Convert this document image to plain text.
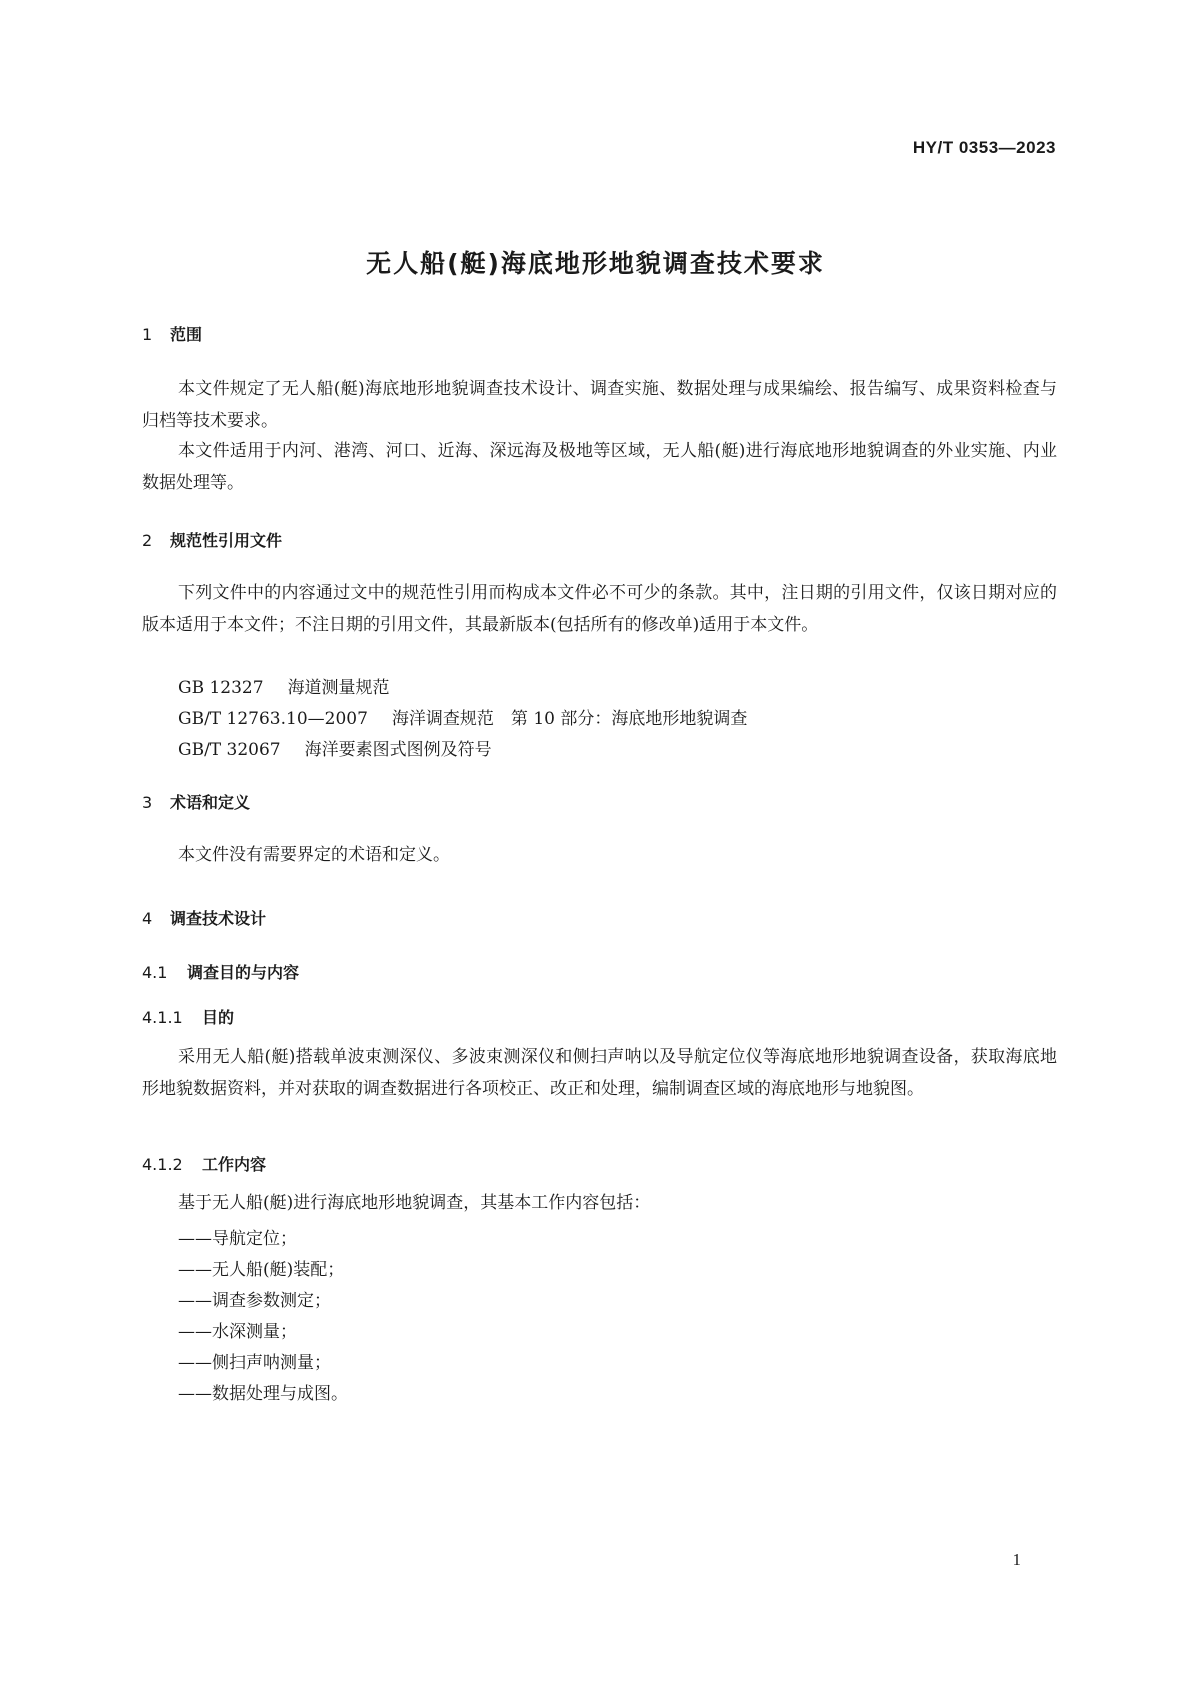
HY/T 0353—2023
无人船(艇)海底地形地貌调查技术要求
1 范围
本文件规定了无人船(艇)海底地形地貌调查技术设计、调查实施、数据处理与成果编绘、报告编写、成果资料检查与归档等技术要求。
本文件适用于内河、港湾、河口、近海、深远海及极地等区域，无人船(艇)进行海底地形地貌调查的外业实施、内业数据处理等。
2 规范性引用文件
下列文件中的内容通过文中的规范性引用而构成本文件必不可少的条款。其中，注日期的引用文件，仅该日期对应的版本适用于本文件；不注日期的引用文件，其最新版本(包括所有的修改单)适用于本文件。
GB 12327 海道测量规范
GB/T 12763.10—2007 海洋调查规范　第 10 部分：海底地形地貌调查
GB/T 32067 海洋要素图式图例及符号
3 术语和定义
本文件没有需要界定的术语和定义。
4 调查技术设计
4.1 调查目的与内容
4.1.1 目的
采用无人船(艇)搭载单波束测深仪、多波束测深仪和侧扫声呐以及导航定位仪等海底地形地貌调查设备，获取海底地形地貌数据资料，并对获取的调查数据进行各项校正、改正和处理，编制调查区域的海底地形与地貌图。
4.1.2 工作内容
基于无人船(艇)进行海底地形地貌调查，其基本工作内容包括：
——导航定位；
——无人船(艇)装配；
——调查参数测定；
——水深测量；
——侧扫声呐测量；
——数据处理与成图。
1
